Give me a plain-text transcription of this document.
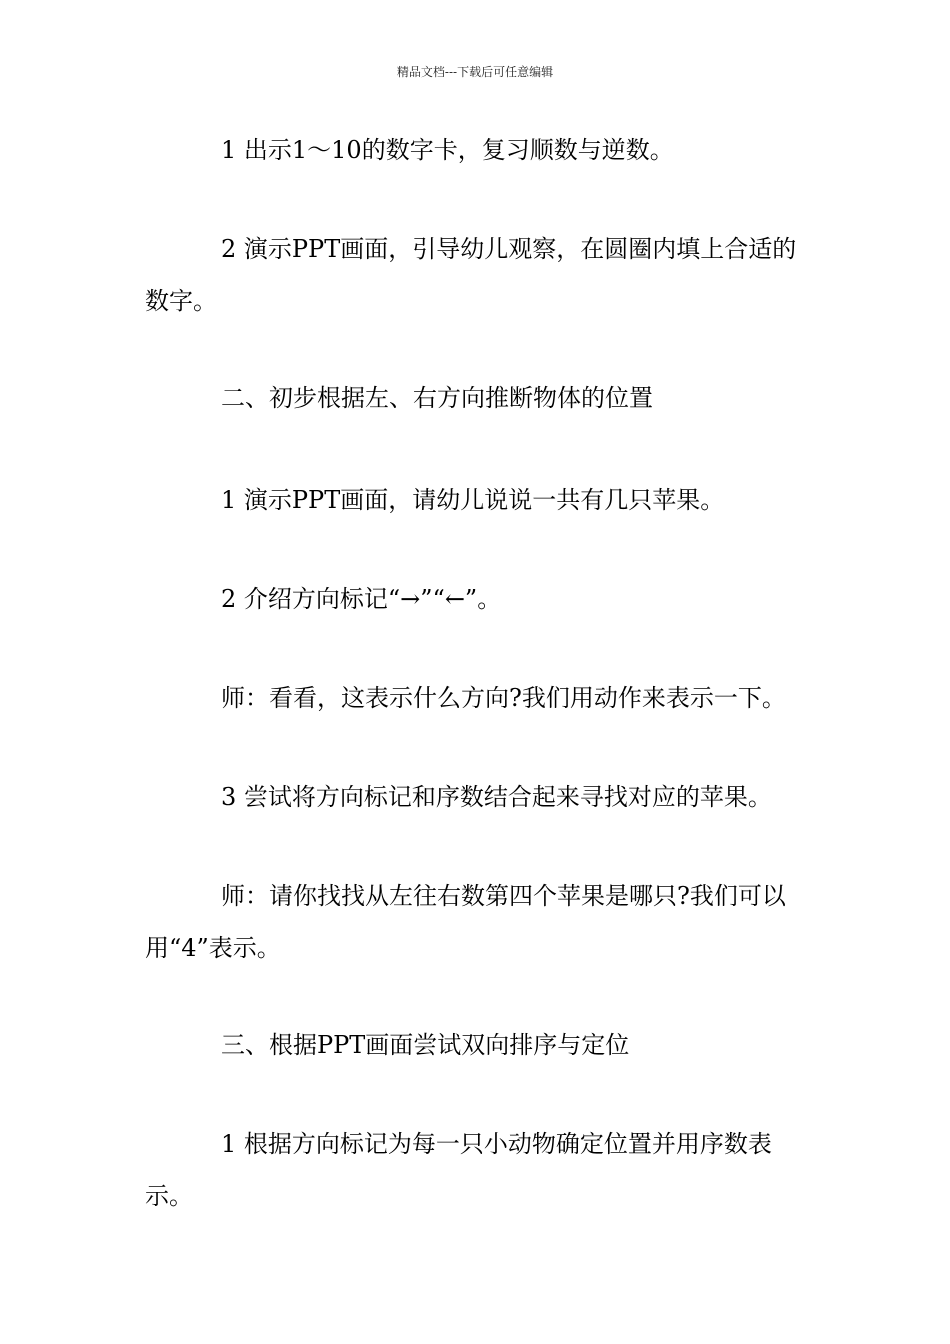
精品文档---下载后可任意编辑

1 出示1～10的数字卡，复习顺数与逆数。

2 演示PPT画面，引导幼儿观察，在圆圈内填上合适的数字。

二、初步根据左、右方向推断物体的位置

1 演示PPT画面，请幼儿说说一共有几只苹果。

2 介绍方向标记“→”“←”。

师：看看，这表示什么方向?我们用动作来表示一下。

3 尝试将方向标记和序数结合起来寻找对应的苹果。

师：请你找找从左往右数第四个苹果是哪只?我们可以用“4”表示。

三、根据PPT画面尝试双向排序与定位

1 根据方向标记为每一只小动物确定位置并用序数表示。
